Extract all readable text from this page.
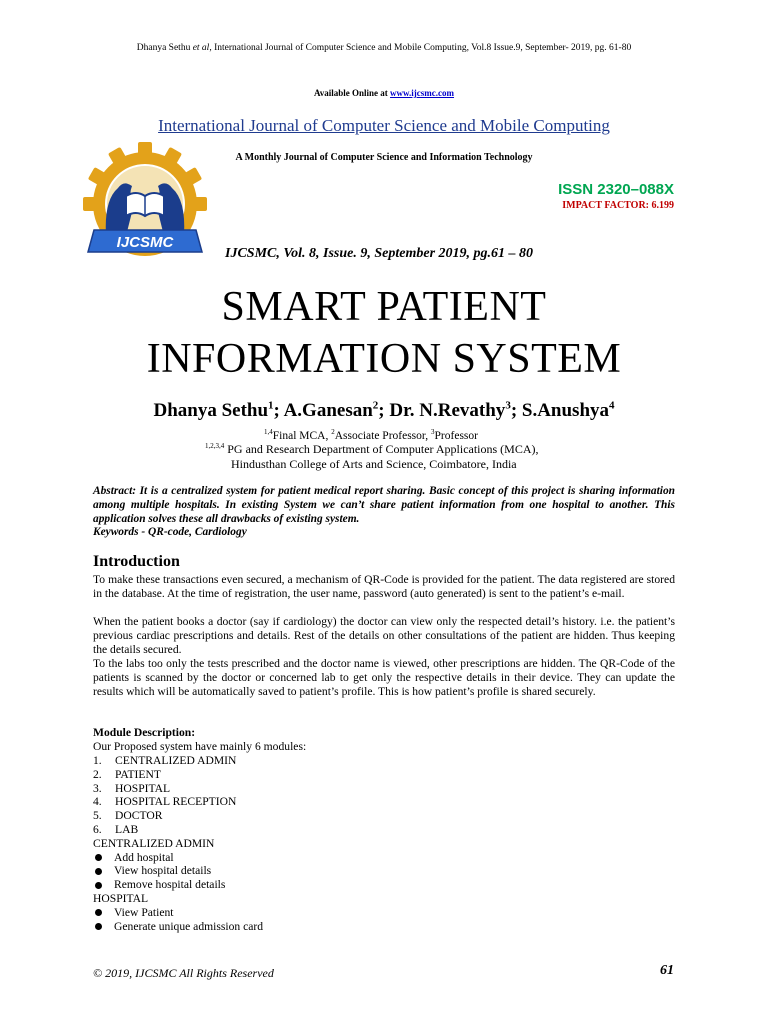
Dhanya Sethu et al, International Journal of Computer Science and Mobile Computing, Vol.8 Issue.9, September- 2019, pg. 61-80
Available Online at www.ijcsmc.com
International Journal of Computer Science and Mobile Computing
A Monthly Journal of Computer Science and Information Technology
IJCSMC
ISSN 2320–088X
IMPACT FACTOR: 6.199
IJCSMC, Vol. 8, Issue. 9, September 2019, pg.61 – 80
SMART PATIENT
INFORMATION SYSTEM
Dhanya Sethu$^1$; A.Ganesan$^2$; Dr. N.Revathy$^3$; S.Anushya$^4$
$^{1,4}$Final MCA, $^2$Associate Professor, $^3$Professor
$^{1,2,3,4}$ PG and Research Department of Computer Applications (MCA),
Hindusthan College of Arts and Science, Coimbatore, India
Abstract: It is a centralized system for patient medical report sharing. Basic concept of this project is sharing information among multiple hospitals. In existing System we can’t share patient information from one hospital to another. This application solves these all drawbacks of existing system.
Keywords - QR-code, Cardiology
Introduction
To make these transactions even secured, a mechanism of QR-Code is provided for the patient. The data registered are stored in the database. At the time of registration, the user name, password (auto generated) is sent to the patient’s e-mail.
When the patient books a doctor (say if cardiology) the doctor can view only the respected detail’s history. i.e. the patient’s previous cardiac prescriptions and details. Rest of the details on other consultations of the patient are hidden. Thus keeping the details secured.
To the labs too only the tests prescribed and the doctor name is viewed, other prescriptions are hidden. The QR-Code of the patients is scanned by the doctor or concerned lab to get only the respective details in their device. They can update the results which will be automatically saved to patient’s profile. This is how patient’s profile is shared securely.
Module Description:
Our Proposed system have mainly 6 modules:
1.	CENTRALIZED ADMIN
2.	PATIENT
3.	HOSPITAL
4.	HOSPITAL RECEPTION
5.	DOCTOR
6.	LAB
CENTRALIZED ADMIN
Add hospital
View hospital details
Remove hospital details
HOSPITAL
View Patient
Generate unique admission card
© 2019, IJCSMC All Rights Reserved	61
